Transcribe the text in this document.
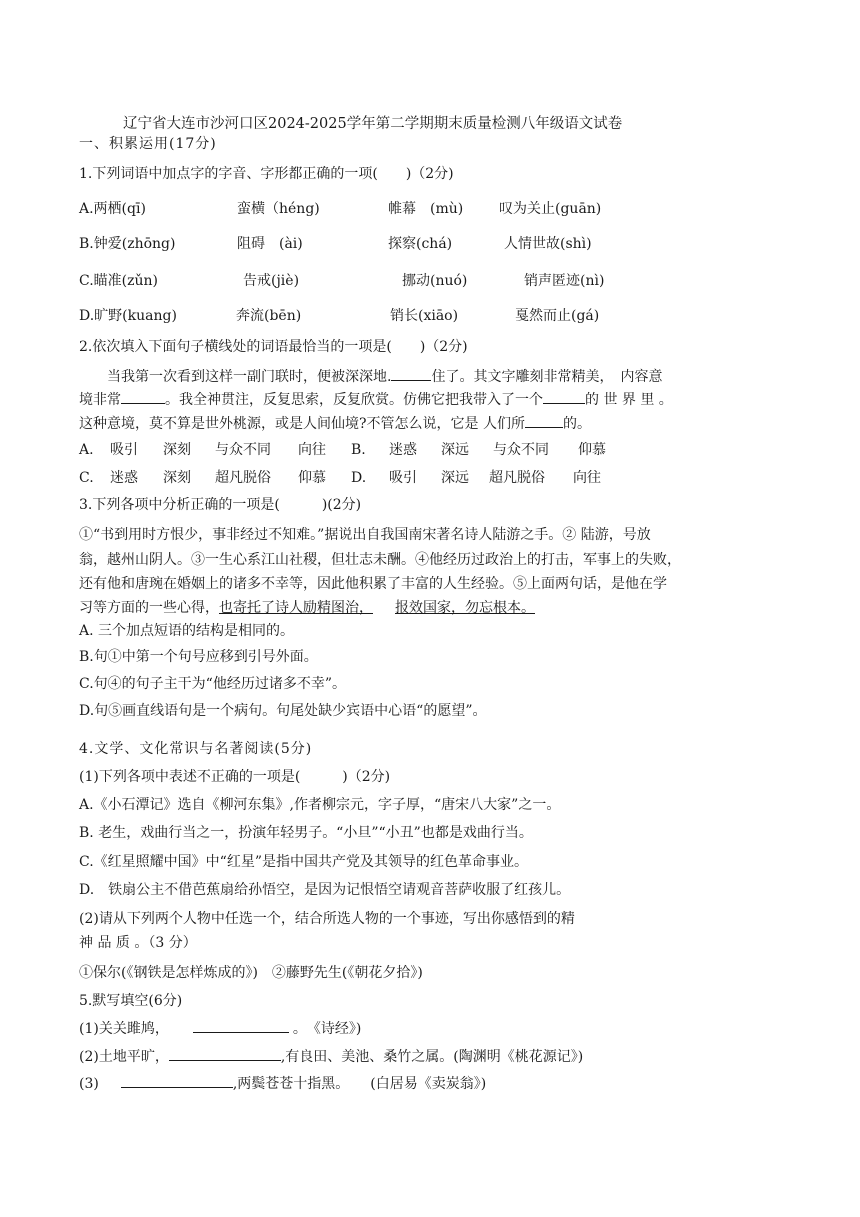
辽宁省大连市沙河口区2024-2025学年第二学期期末质量检测八年级语文试卷
一、积累运用(17分)
1.下列词语中加点字的字音、字形都正确的一项(　　)（2分)
A.两栖(qī)	蛮横（héng)	帷幕　(mù)	叹为关止(guān)
B.钟爱(zhōng)	阻碍　(ài)	探察(chá)	人情世故(shì)
C.瞄准(zǔn)	告戒(jiè)	挪动(nuó)	销声匿迹(nì)
D.旷野(kuang)	奔流(bēn)	销长(xiāo)	戛然而止(gá)
2.依次填入下面句子横线处的词语最恰当的一项是(　　)（2分)
当我第一次看到这样一副门联时，便被深深地.	住了。其文字雕刻非常精美，　内容意
境非常	。我全神贯注，反复思索，反复欣赏。仿佛它把我带入了一个	的 世 界 里 。
这种意境，莫不算是世外桃源，或是人间仙境?不管怎么说，它是 人们所	的。
A. 吸引 深刻 与众不同 向往 B. 迷惑 深远 与众不同 仰慕
C. 迷惑 深刻 超凡脱俗 仰慕 D. 吸引 深远 超凡脱俗 向往
3.下列各项中分析正确的一项是(　　　)(2分)
①“书到用时方恨少，事非经过不知难。”据说出自我国南宋著名诗人陆游之手。② 陆游，号放
翁，越州山阴人。③一生心系江山社稷，但壮志未酬。④他经历过政治上的打击，军事上的失败，
还有他和唐琬在婚姻上的诸多不幸等，因此他积累了丰富的人生经验。⑤上面两句话，是他在学
习等方面的一些心得，也寄托了诗人励精图治， 报效国家，勿忘根本。
A. 三个加点短语的结构是相同的。
B.句①中第一个句号应移到引号外面。
C.句④的句子主干为“他经历过诸多不幸”。
D.句⑤画直线语句是一个病句。句尾处缺少宾语中心语“的愿望”。
4.文学、文化常识与名著阅读(5分)
(1)下列各项中表述不正确的一项是(　　　)（2分)
A.《小石潭记》选自《柳河东集》,作者柳宗元，字子厚，“唐宋八大家”之一。
B. 老生，戏曲行当之一，扮演年轻男子。“小旦”“小丑”也都是戏曲行当。
C.《红星照耀中国》中“红星”是指中国共产党及其领导的红色革命事业。
D.　铁扇公主不借芭蕉扇给孙悟空，是因为记恨悟空请观音菩萨收服了红孩儿。
(2)请从下列两个人物中任选一个，结合所选人物的一个事迹，写出你感悟到的精
神 品 质 。（3 分）
①保尔(《钢铁是怎样炼成的》)　②藤野先生(《朝花夕拾》)
5.默写填空(6分)
(1)关关雎鸠，	。　《诗经》)
(2)土地平旷，	,有良田、美池、桑竹之属。(陶渊明《桃花源记》)
(3)	,两鬓苍苍十指黑。　　(白居易《卖炭翁》)
